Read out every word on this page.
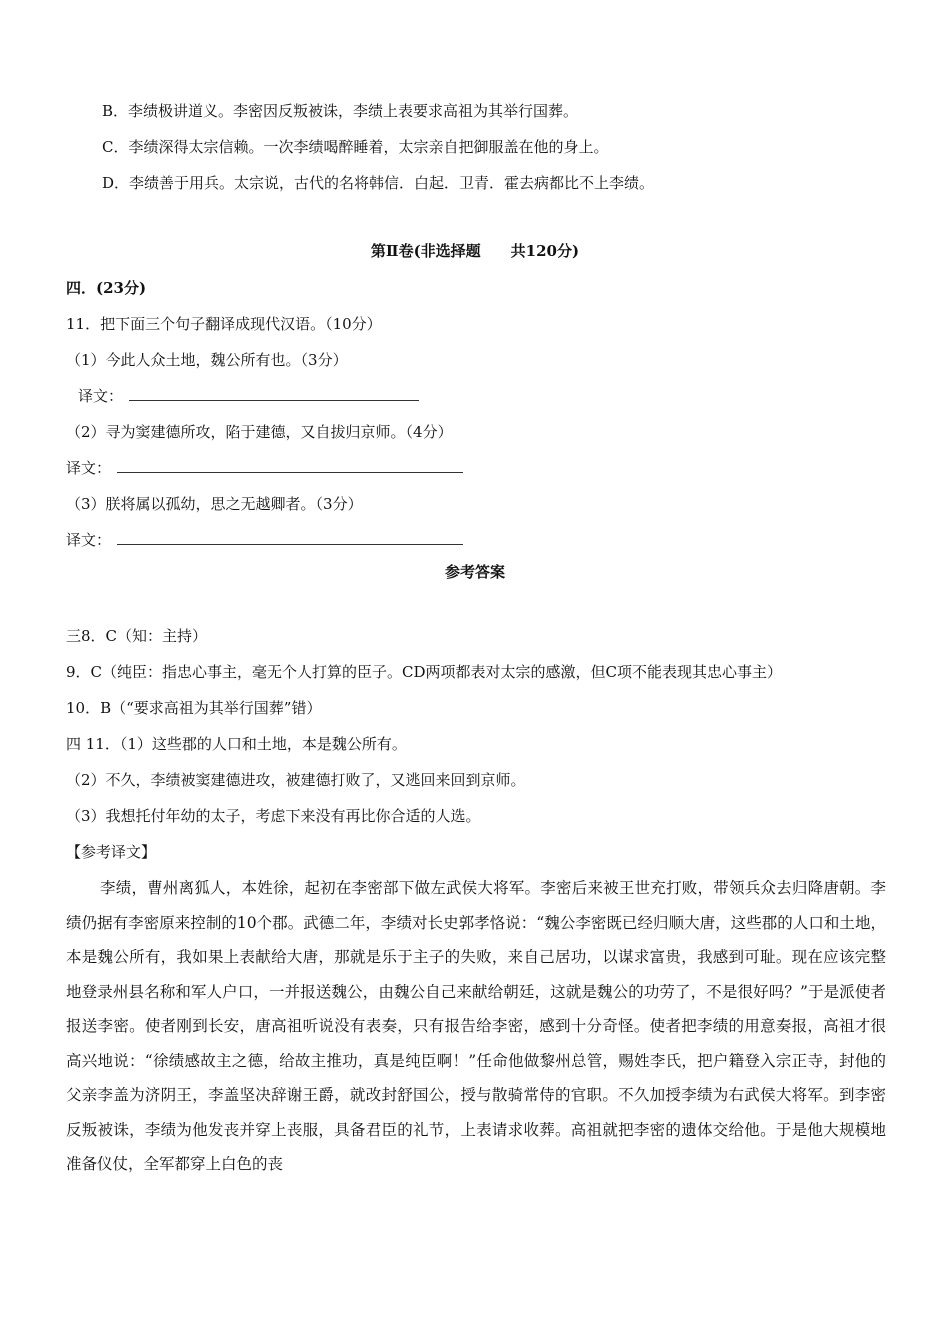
B．李绩极讲道义。李密因反叛被诛，李绩上表要求高祖为其举行国葬。
C．李绩深得太宗信赖。一次李绩喝醉睡着，太宗亲自把御服盖在他的身上。
D．李绩善于用兵。太宗说，古代的名将韩信．白起．卫青．霍去病都比不上李绩。
第Ⅱ卷(非选择题　　共120分)
四．(23分)
11．把下面三个句子翻译成现代汉语。（10分）
（1）今此人众土地，魏公所有也。（3分）
译文：
（2）寻为窦建德所攻，陷于建德，又自拔归京师。（4分）
译文：
（3）朕将属以孤幼，思之无越卿者。（3分）
译文：
参考答案
三8．C（知：主持）
9．C（纯臣：指忠心事主，毫无个人打算的臣子。CD两项都表对太宗的感激，但C项不能表现其忠心事主）
10．B（“要求高祖为其举行国葬”错）
四 11．（1）这些郡的人口和土地，本是魏公所有。
（2）不久，李绩被窦建德进攻，被建德打败了，又逃回来回到京师。
（3）我想托付年幼的太子，考虑下来没有再比你合适的人选。
【参考译文】
李绩，曹州离狐人，本姓徐，起初在李密部下做左武侯大将军。李密后来被王世充打败，带领兵众去归降唐朝。李绩仍据有李密原来控制的10个郡。武德二年，李绩对长史郭孝恪说：“魏公李密既已经归顺大唐，这些郡的人口和土地，本是魏公所有，我如果上表献给大唐，那就是乐于主子的失败，来自己居功，以谋求富贵，我感到可耻。现在应该完整地登录州县名称和军人户口，一并报送魏公，由魏公自己来献给朝廷，这就是魏公的功劳了，不是很好吗？”于是派使者报送李密。使者刚到长安，唐高祖听说没有表奏，只有报告给李密，感到十分奇怪。使者把李绩的用意奏报，高祖才很高兴地说：“徐绩感故主之德，给故主推功，真是纯臣啊！”任命他做黎州总管，赐姓李氏，把户籍登入宗正寺，封他的父亲李盖为济阴王，李盖坚决辞谢王爵，就改封舒国公，授与散骑常侍的官职。不久加授李绩为右武侯大将军。到李密反叛被诛，李绩为他发丧并穿上丧服，具备君臣的礼节，上表请求收葬。高祖就把李密的遗体交给他。于是他大规模地准备仪仗，全军都穿上白色的丧
